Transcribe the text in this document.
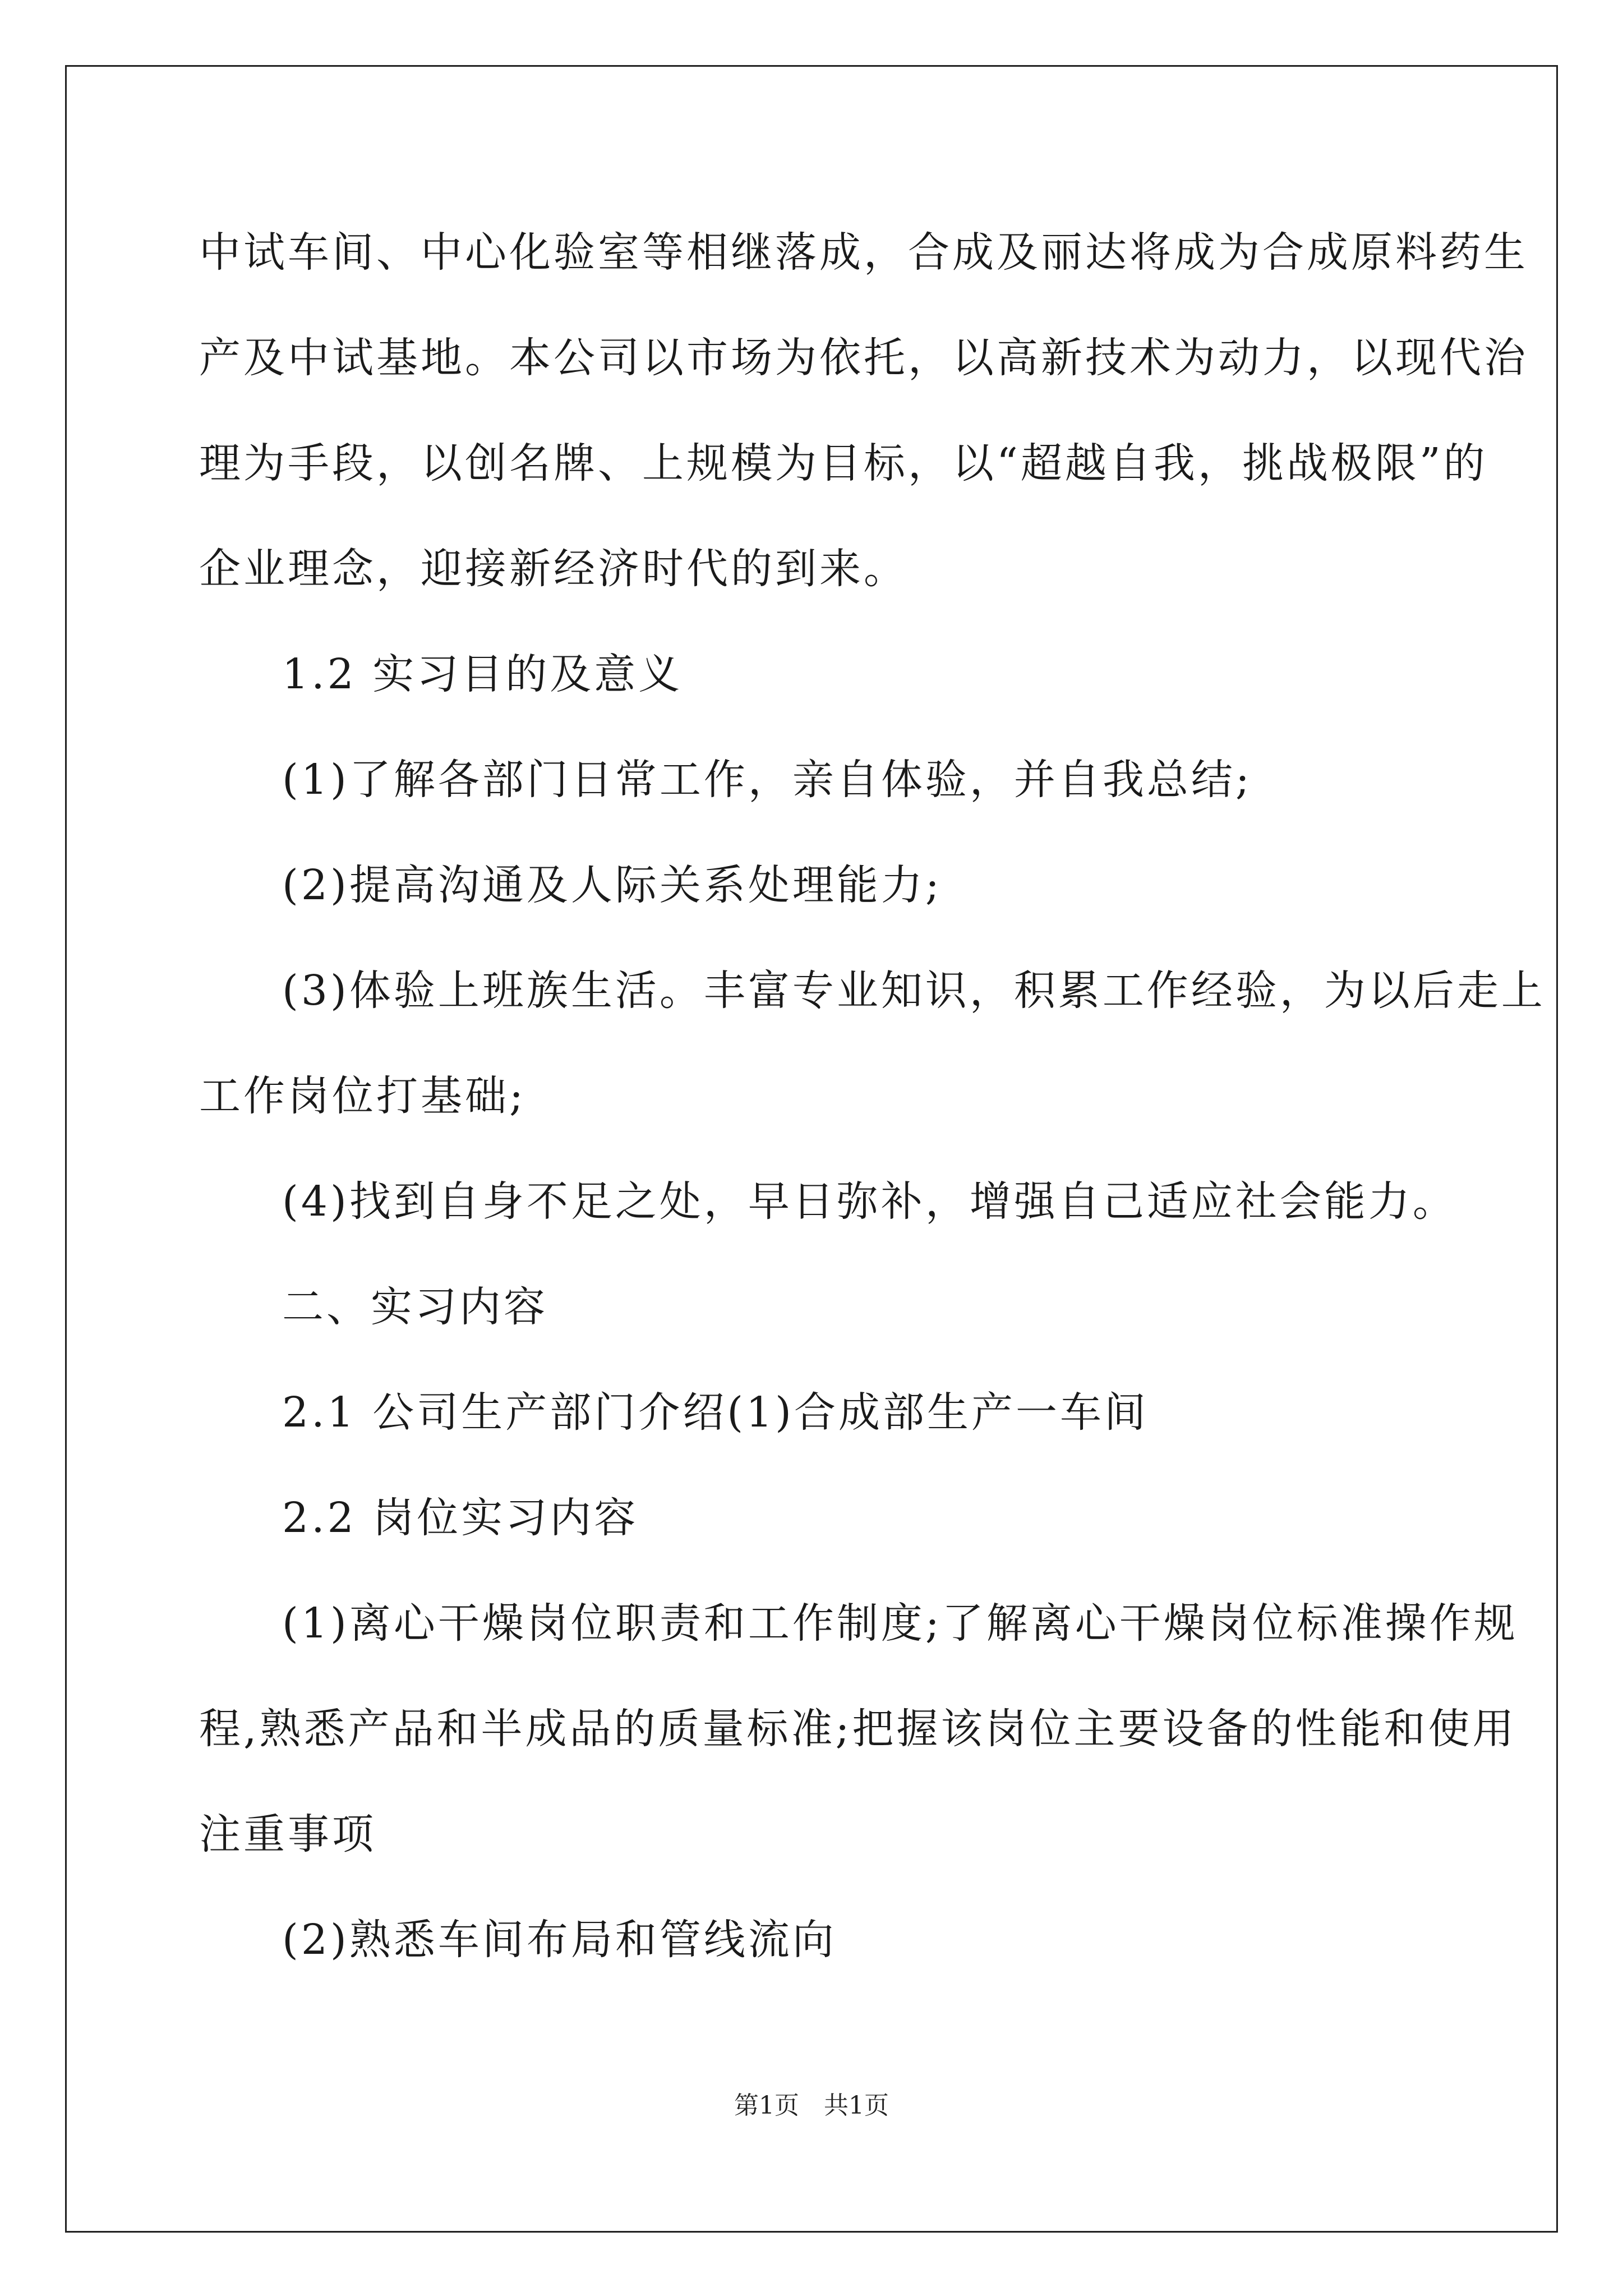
中试车间、中心化验室等相继落成，合成及丽达将成为合成原料药生
产及中试基地。本公司以市场为依托，以高新技术为动力，以现代治
理为手段，以创名牌、上规模为目标，以“超越自我，挑战极限”的
企业理念，迎接新经济时代的到来。
1.2 实习目的及意义
(1)了解各部门日常工作，亲自体验，并自我总结;
(2)提高沟通及人际关系处理能力;
(3)体验上班族生活。丰富专业知识，积累工作经验，为以后走上
工作岗位打基础;
(4)找到自身不足之处，早日弥补，增强自己适应社会能力。
二、实习内容
2.1 公司生产部门介绍(1)合成部生产一车间
2.2 岗位实习内容
(1)离心干燥岗位职责和工作制度;了解离心干燥岗位标准操作规
程,熟悉产品和半成品的质量标准;把握该岗位主要设备的性能和使用
注重事项
(2)熟悉车间布局和管线流向
第1页　共1页
